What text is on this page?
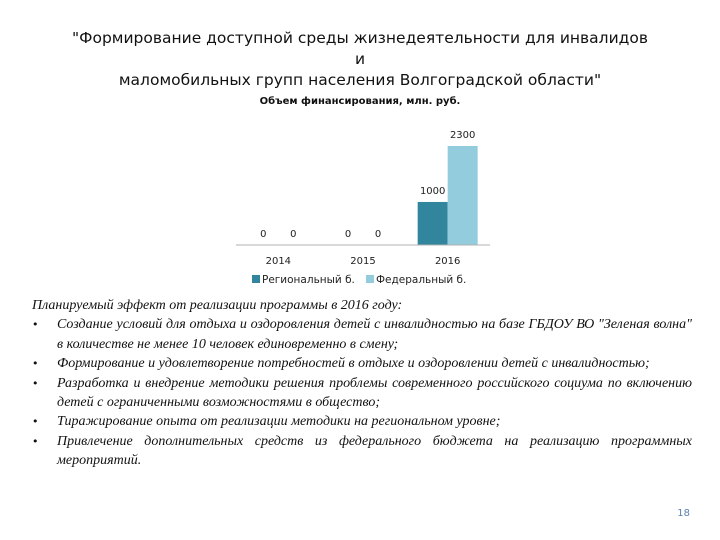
"Формирование доступной среды жизнедеятельности для инвалидов и
маломобильных групп населения Волгоградской области"
Объем финансирования, млн. руб.
0 0	0 0
1000
2300
2014	2015	2016
Региональный б. Федеральный б.

Планируемый эффект от реализации программы в 2016 году:

• Создание условий для отдыха и оздоровления детей с инвалидностью на базе ГБДОУ ВО "Зеленая волна" в количестве не менее 10 человек единовременно в смену;
• Формирование и удовлетворение потребностей в отдыхе и оздоровлении детей с инвалидностью;
• Разработка и внедрение методики решения проблемы современного российского социума по включению детей с ограниченными возможностями в общество;
• Тиражирование опыта от реализации методики на региональном уровне;
• Привлечение дополнительных средств из федерального бюджета на реализацию программных мероприятий.
18
